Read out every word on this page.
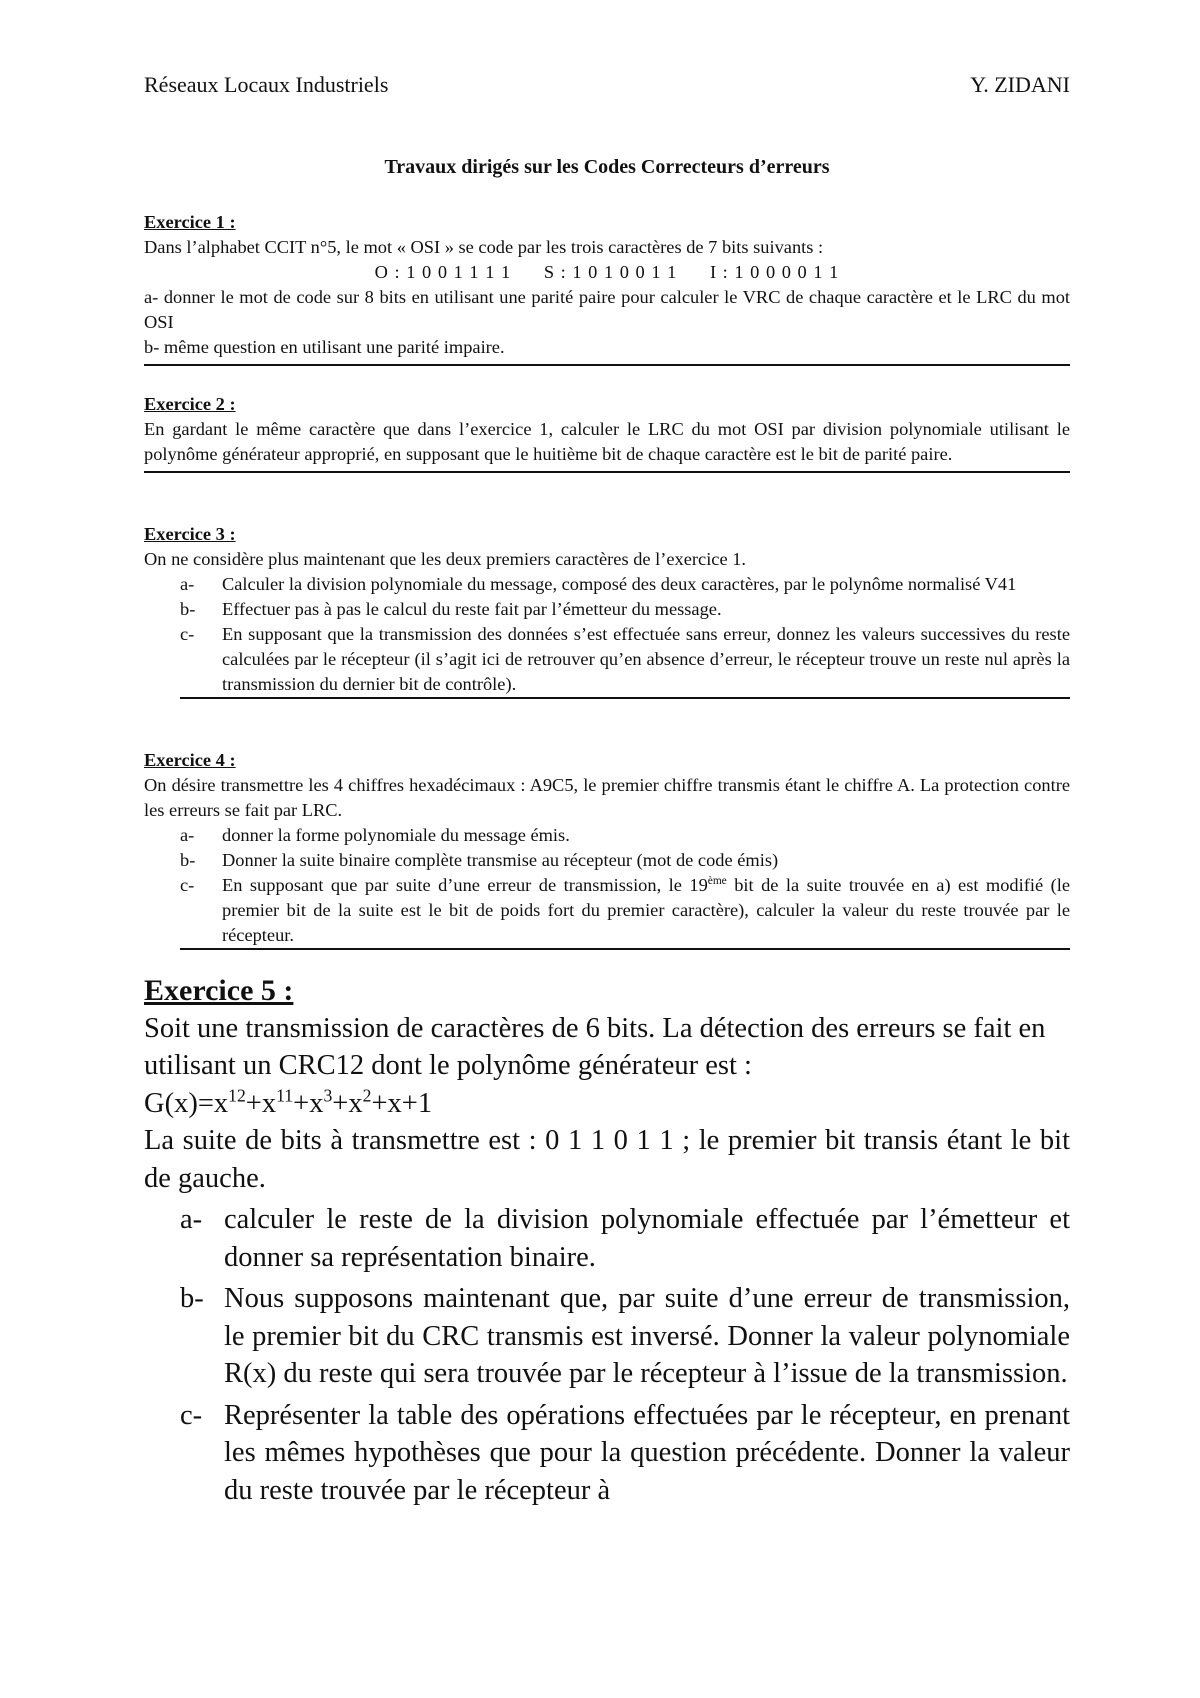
Réseaux Locaux Industriels	Y. ZIDANI
Travaux dirigés sur les Codes Correcteurs d’erreurs
Exercice 1 :
Dans l’alphabet CCIT n°5, le mot « OSI » se code par les trois caractères de 7 bits suivants :
O : 1 0 0 1 1 1 1 S : 1 0 1 0 0 1 1 I : 1 0 0 0 0 1 1
a- donner le mot de code sur 8 bits en utilisant une parité paire pour calculer le VRC de chaque caractère et le LRC du mot OSI
b- même question en utilisant une parité impaire.
Exercice 2 :
En gardant le même caractère que dans l’exercice 1, calculer le LRC du mot OSI par division polynomiale utilisant le polynôme générateur approprié, en supposant que le huitième bit de chaque caractère est le bit de parité paire.
Exercice 3 :
On ne considère plus maintenant que les deux premiers caractères de l’exercice 1.
a-	Calculer la division polynomiale du message, composé des deux caractères, par le polynôme normalisé V41
b-	Effectuer pas à pas le calcul du reste fait par l’émetteur du message.
c-	En supposant que la transmission des données s’est effectuée sans erreur, donnez les valeurs successives du reste calculées par le récepteur (il s’agit ici de retrouver qu’en absence d’erreur, le récepteur trouve un reste nul après la transmission du dernier bit de contrôle).
Exercice 4 :
On désire transmettre les 4 chiffres hexadécimaux : A9C5, le premier chiffre transmis étant le chiffre A. La protection contre les erreurs se fait par LRC.
a-	donner la forme polynomiale du message émis.
b-	Donner la suite binaire complète transmise au récepteur (mot de code émis)
c-	En supposant que par suite d’une erreur de transmission, le 19ème bit de la suite trouvée en a) est modifié (le premier bit de la suite est le bit de poids fort du premier caractère), calculer la valeur du reste trouvée par le récepteur.
Exercice 5 :
Soit une transmission de caractères de 6 bits. La détection des erreurs se fait en utilisant un CRC12 dont le polynôme générateur est :
$G(x)=x^{12}+x^{11}+x^3+x^2+x+1$
La suite de bits à transmettre est : 0 1 1 0 1 1 ; le premier bit transis étant le bit de gauche.
a- calculer le reste de la division polynomiale effectuée par l’émetteur et donner sa représentation binaire.
b- Nous supposons maintenant que, par suite d’une erreur de transmission, le premier bit du CRC transmis est inversé. Donner la valeur polynomiale R(x) du reste qui sera trouvée par le récepteur à l’issue de la transmission.
c- Représenter la table des opérations effectuées par le récepteur, en prenant les mêmes hypothèses que pour la question précédente. Donner la valeur du reste trouvée par le récepteur à
